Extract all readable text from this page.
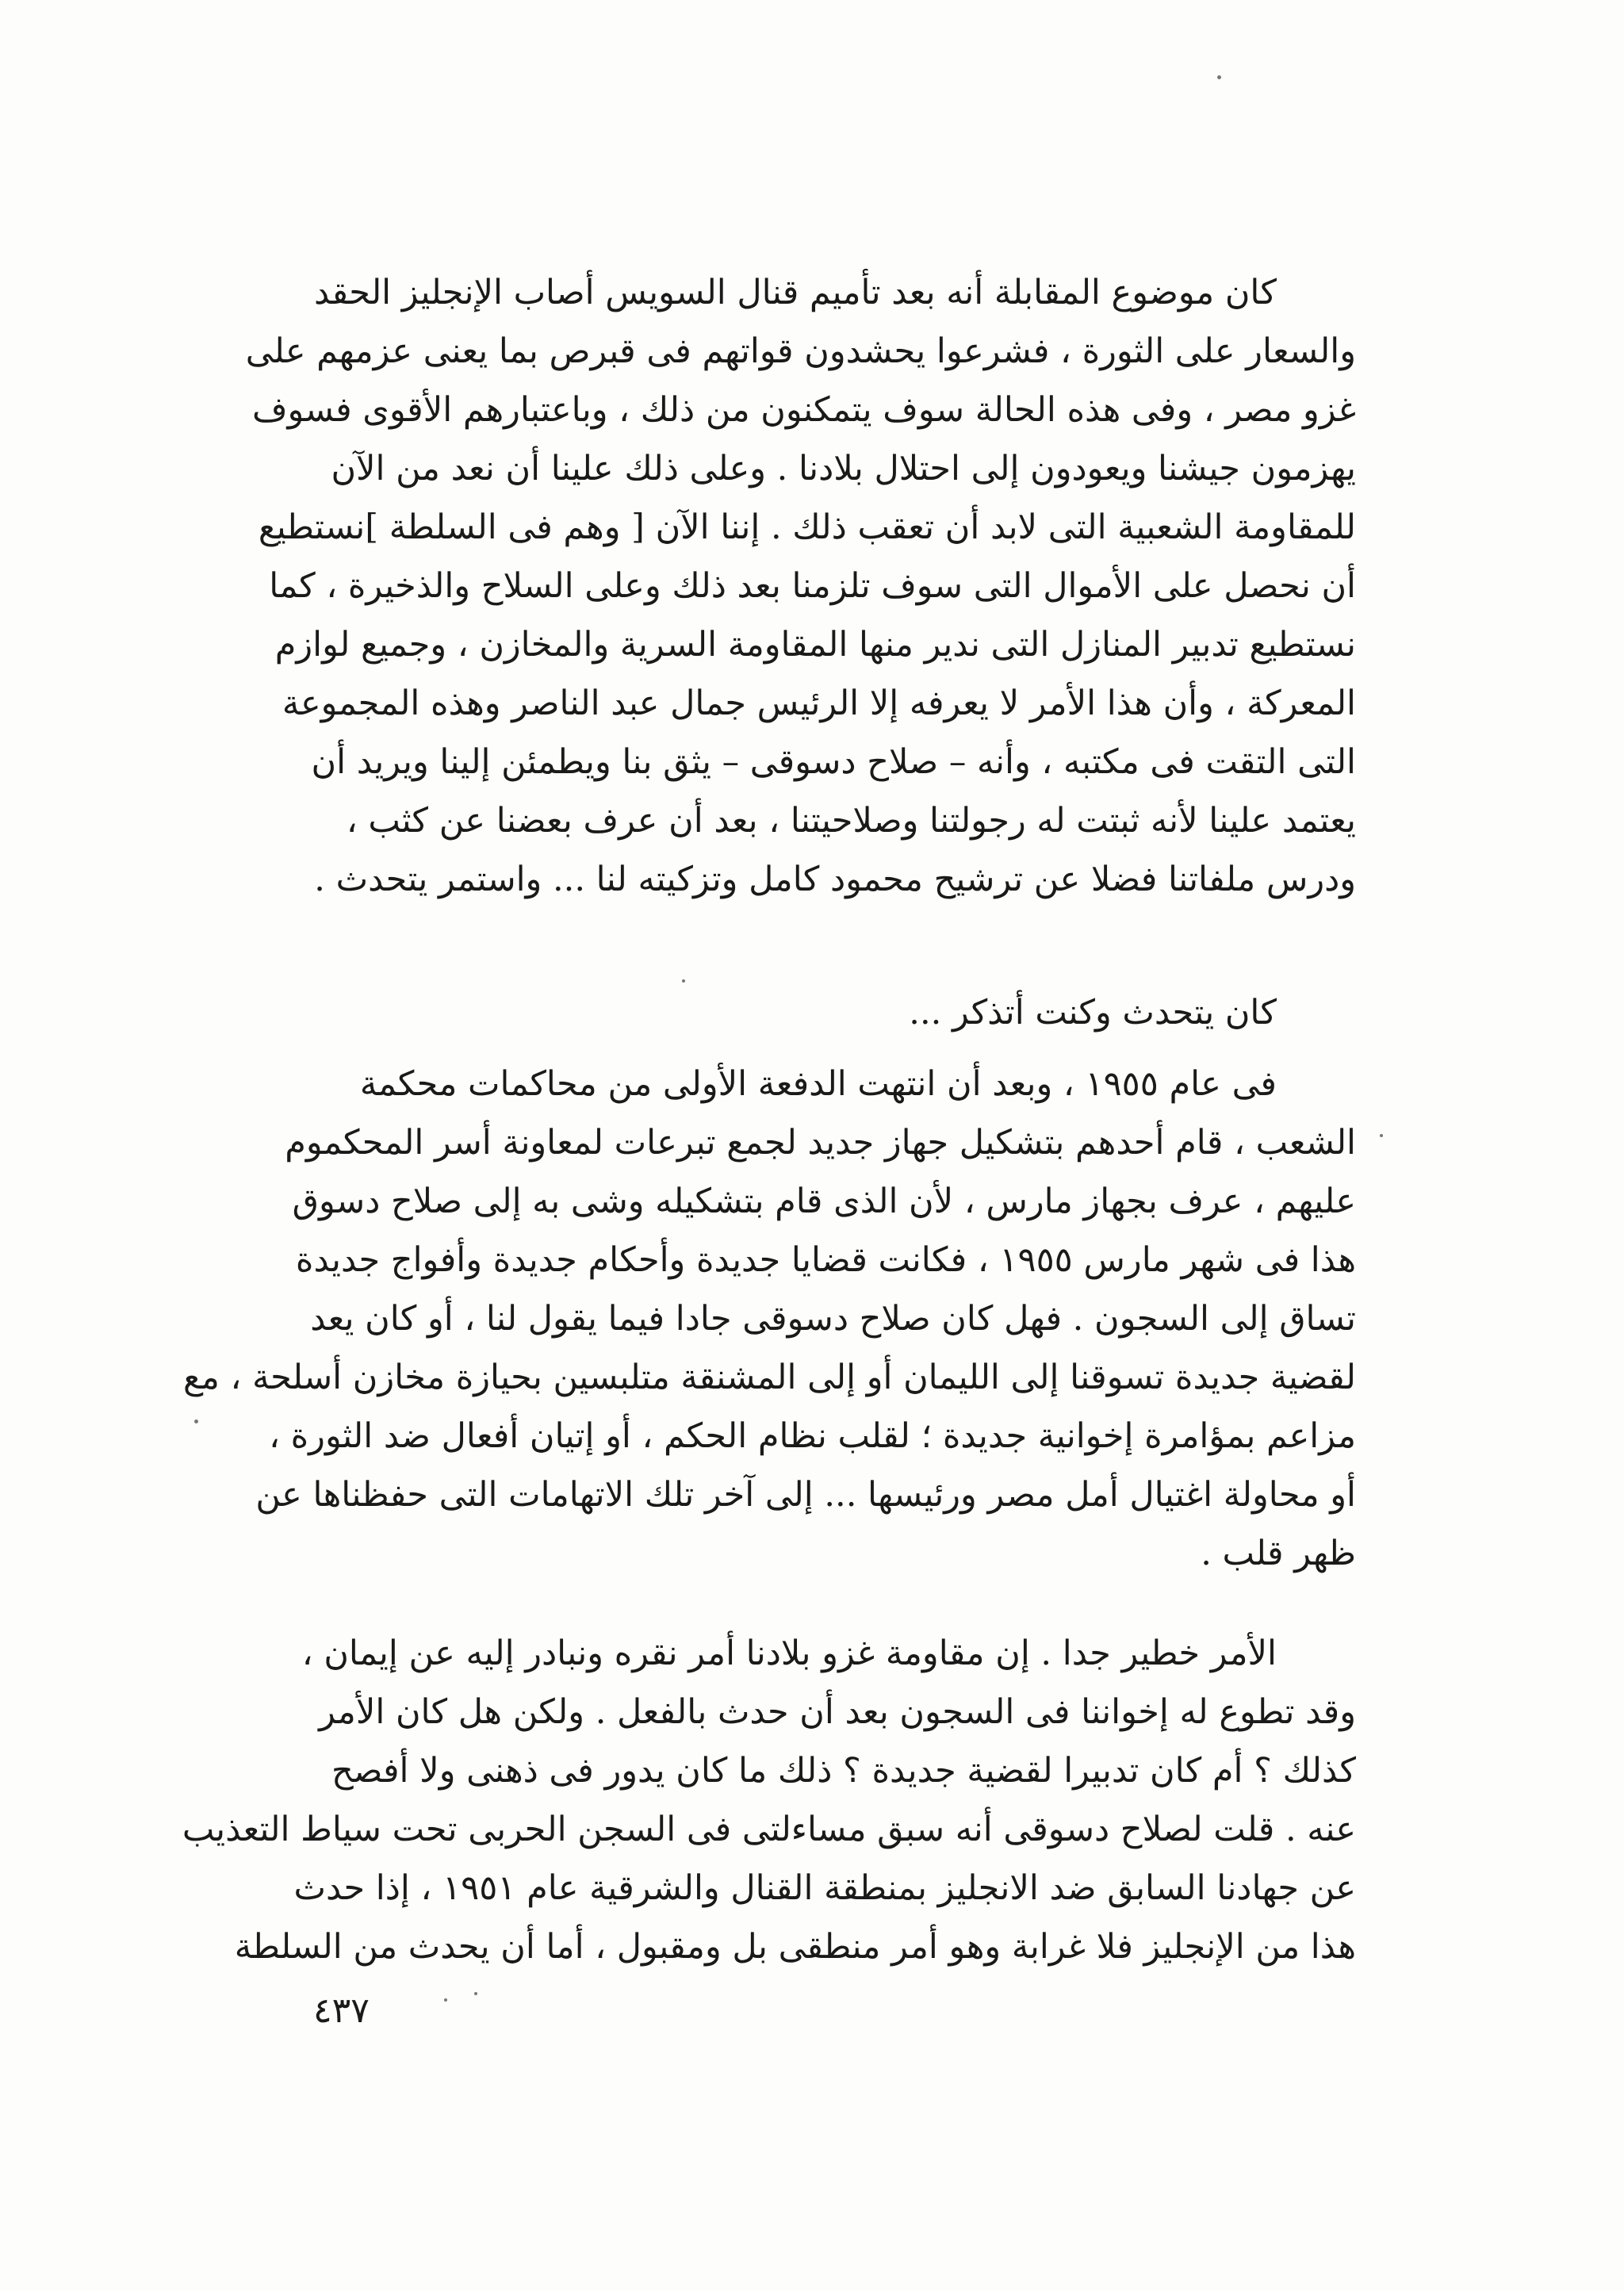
كان موضوع المقابلة أنه بعد تأميم قنال السويس أصاب الإنجليز الحقد
والسعار على الثورة ، فشرعوا يحشدون قواتهم فى قبرص بما يعنى عزمهم على
غزو مصر ، وفى هذه الحالة سوف يتمكنون من ذلك ، وباعتبارهم الأقوى فسوف
يهزمون جيشنا ويعودون إلى احتلال بلادنا . وعلى ذلك علينا أن نعد من الآن
للمقاومة الشعبية التى لابد أن تعقب ذلك . إننا الآن [ وهم فى السلطة ]نستطيع
أن نحصل على الأموال التى سوف تلزمنا بعد ذلك وعلى السلاح والذخيرة ، كما
نستطيع تدبير المنازل التى ندير منها المقاومة السرية والمخازن ، وجميع لوازم
المعركة ، وأن هذا الأمر لا يعرفه إلا الرئيس جمال عبد الناصر وهذه المجموعة
التى التقت فى مكتبه ، وأنه – صلاح دسوقى – يثق بنا ويطمئن إلينا ويريد أن
يعتمد علينا لأنه ثبتت له رجولتنا وصلاحيتنا ، بعد أن عرف بعضنا عن كثب ،
ودرس ملفاتنا فضلا عن ترشيح محمود كامل وتزكيته لنا ... واستمر يتحدث .
كان يتحدث وكنت أتذكر ...
فى عام ١٩٥٥ ، وبعد أن انتهت الدفعة الأولى من محاكمات محكمة
الشعب ، قام أحدهم بتشكيل جهاز جديد لجمع تبرعات لمعاونة أسر المحكموم
عليهم ، عرف بجهاز مارس ، لأن الذى قام بتشكيله وشى به إلى صلاح دسوق
هذا فى شهر مارس ١٩٥٥ ، فكانت قضايا جديدة وأحكام جديدة وأفواج جديدة
تساق إلى السجون . فهل كان صلاح دسوقى جادا فيما يقول لنا ، أو كان يعد
لقضية جديدة تسوقنا إلى الليمان أو إلى المشنقة متلبسين بحيازة مخازن أسلحة ، مع
مزاعم بمؤامرة إخوانية جديدة ؛ لقلب نظام الحكم ، أو إتيان أفعال ضد الثورة ،
أو محاولة اغتيال أمل مصر ورئيسها ... إلى آخر تلك الاتهامات التى حفظناها عن
ظهر قلب .
الأمر خطير جدا . إن مقاومة غزو بلادنا أمر نقره ونبادر إليه عن إيمان ،
وقد تطوع له إخواننا فى السجون بعد أن حدث بالفعل . ولكن هل كان الأمر
كذلك ؟ أم كان تدبيرا لقضية جديدة ؟ ذلك ما كان يدور فى ذهنى ولا أفصح
عنه . قلت لصلاح دسوقى أنه سبق مساءلتى فى السجن الحربى تحت سياط التعذيب
عن جهادنا السابق ضد الانجليز بمنطقة القنال والشرقية عام ١٩٥١ ، إذا حدث
هذا من الإنجليز فلا غرابة وهو أمر منطقى بل ومقبول ، أما أن يحدث من السلطة
٤٣٧
